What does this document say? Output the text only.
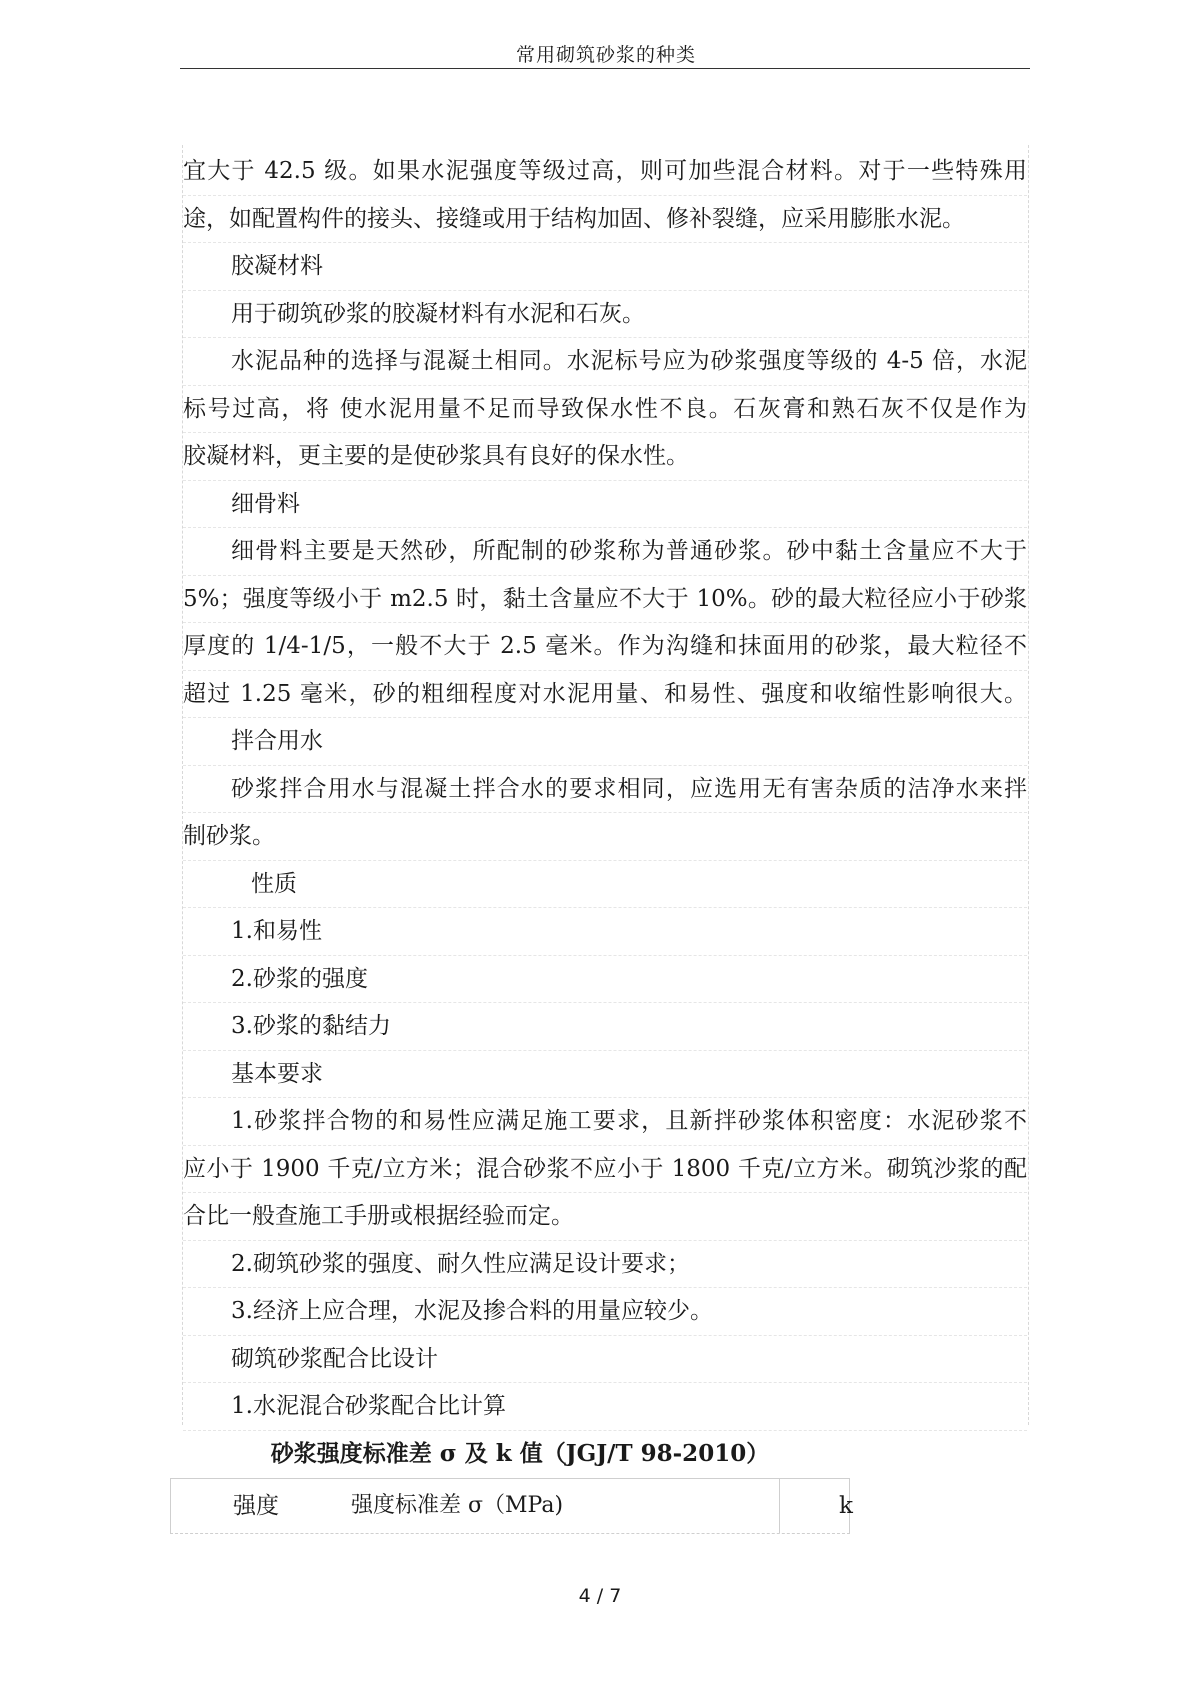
常用砌筑砂浆的种类
宜大于 42.5 级。如果水泥强度等级过高，则可加些混合材料。对于一些特殊用
途，如配置构件的接头、接缝或用于结构加固、修补裂缝，应采用膨胀水泥。
胶凝材料
用于砌筑砂浆的胶凝材料有水泥和石灰。
水泥品种的选择与混凝土相同。水泥标号应为砂浆强度等级的 4-5 倍，水泥
标号过高，将 使水泥用量不足而导致保水性不良。石灰膏和熟石灰不仅是作为
胶凝材料，更主要的是使砂浆具有良好的保水性。
细骨料
细骨料主要是天然砂，所配制的砂浆称为普通砂浆。砂中黏土含量应不大于
5%；强度等级小于 m2.5 时，黏土含量应不大于 10%。砂的最大粒径应小于砂浆
厚度的 1/4-1/5，一般不大于 2.5 毫米。作为沟缝和抹面用的砂浆，最大粒径不
超过 1.25 毫米，砂的粗细程度对水泥用量、和易性、强度和收缩性影响很大。
拌合用水
砂浆拌合用水与混凝土拌合水的要求相同，应选用无有害杂质的洁净水来拌
制砂浆。
性质
1.和易性
2.砂浆的强度
3.砂浆的黏结力
基本要求
1.砂浆拌合物的和易性应满足施工要求，且新拌砂浆体积密度：水泥砂浆不
应小于 1900 千克/立方米；混合砂浆不应小于 1800 千克/立方米。砌筑沙浆的配
合比一般查施工手册或根据经验而定。
2.砌筑砂浆的强度、耐久性应满足设计要求；
3.经济上应合理，水泥及掺合料的用量应较少。
砌筑砂浆配合比设计
1.水泥混合砂浆配合比计算
砂浆强度标准差 σ 及 k 值（JGJ/T 98-2010）
强度	强度标准差 σ（MPa)	k
4 / 7
